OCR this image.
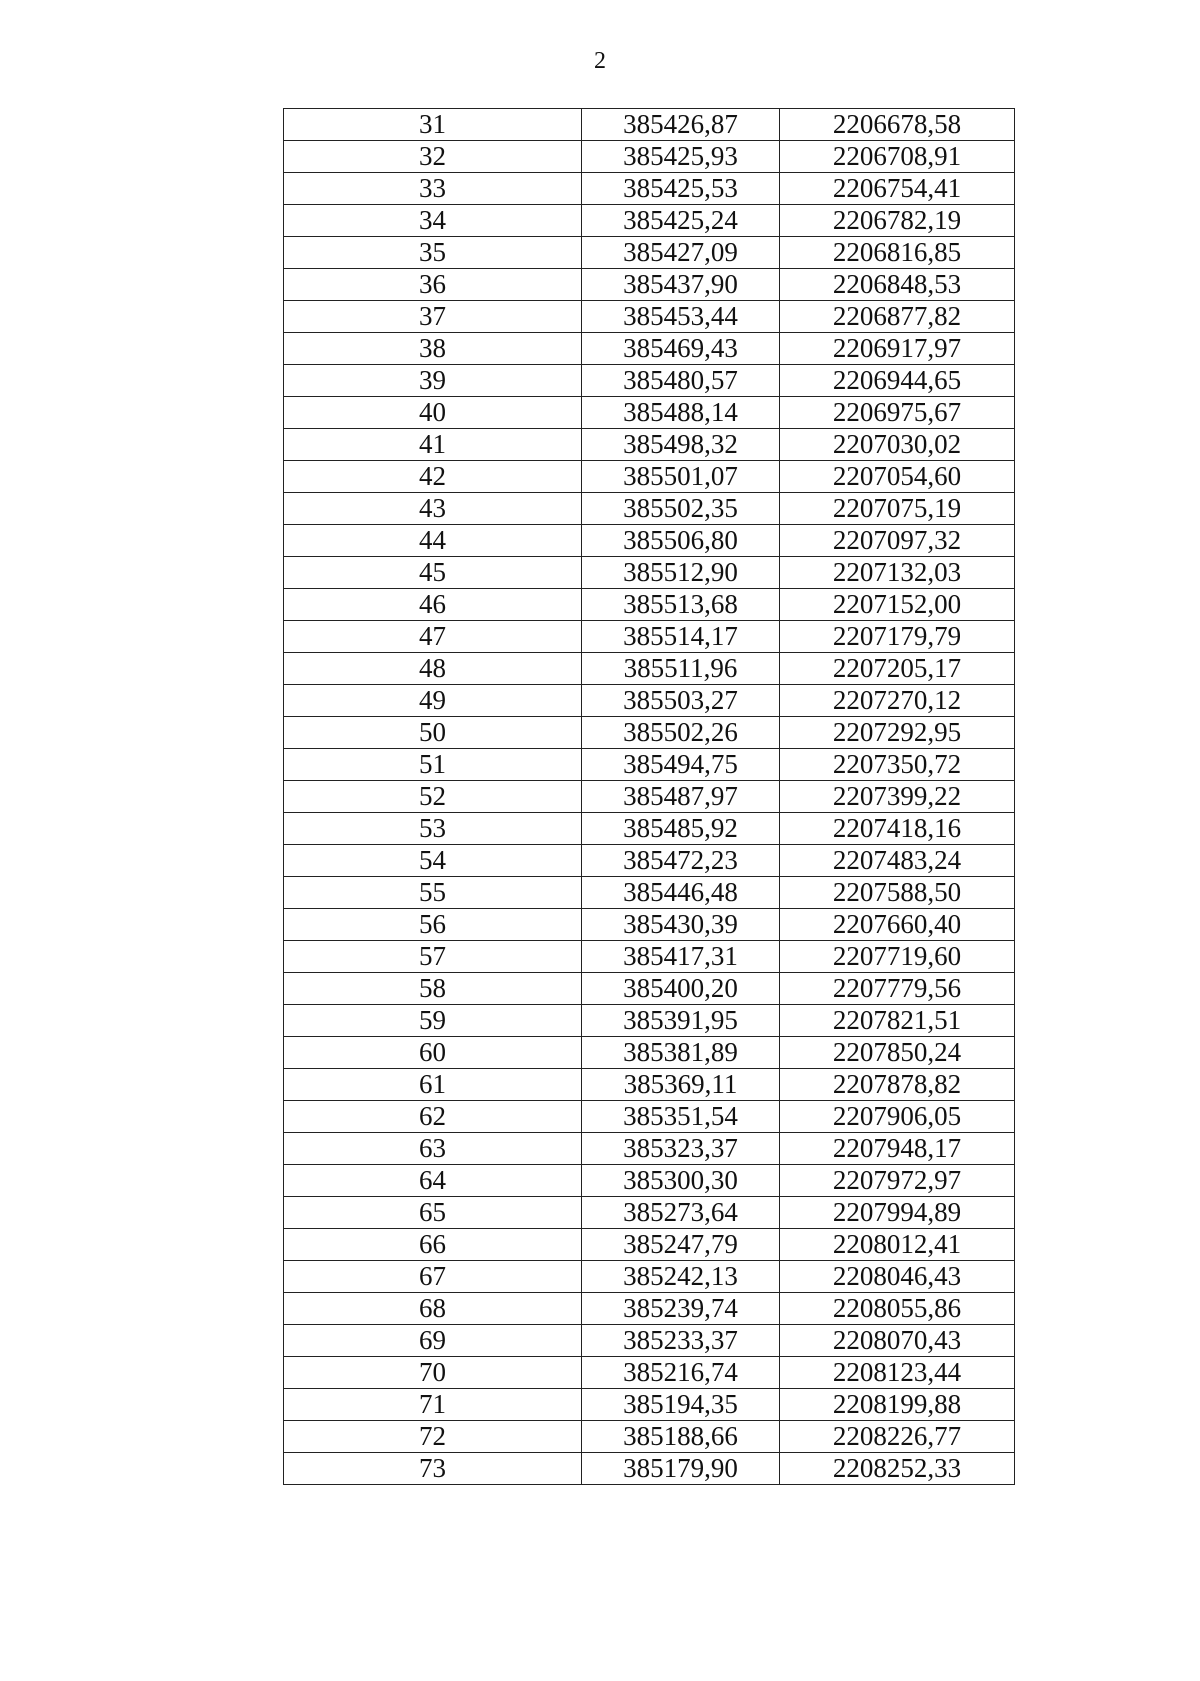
2
31	385426,87	2206678,58
32	385425,93	2206708,91
33	385425,53	2206754,41
34	385425,24	2206782,19
35	385427,09	2206816,85
36	385437,90	2206848,53
37	385453,44	2206877,82
38	385469,43	2206917,97
39	385480,57	2206944,65
40	385488,14	2206975,67
41	385498,32	2207030,02
42	385501,07	2207054,60
43	385502,35	2207075,19
44	385506,80	2207097,32
45	385512,90	2207132,03
46	385513,68	2207152,00
47	385514,17	2207179,79
48	385511,96	2207205,17
49	385503,27	2207270,12
50	385502,26	2207292,95
51	385494,75	2207350,72
52	385487,97	2207399,22
53	385485,92	2207418,16
54	385472,23	2207483,24
55	385446,48	2207588,50
56	385430,39	2207660,40
57	385417,31	2207719,60
58	385400,20	2207779,56
59	385391,95	2207821,51
60	385381,89	2207850,24
61	385369,11	2207878,82
62	385351,54	2207906,05
63	385323,37	2207948,17
64	385300,30	2207972,97
65	385273,64	2207994,89
66	385247,79	2208012,41
67	385242,13	2208046,43
68	385239,74	2208055,86
69	385233,37	2208070,43
70	385216,74	2208123,44
71	385194,35	2208199,88
72	385188,66	2208226,77
73	385179,90	2208252,33
